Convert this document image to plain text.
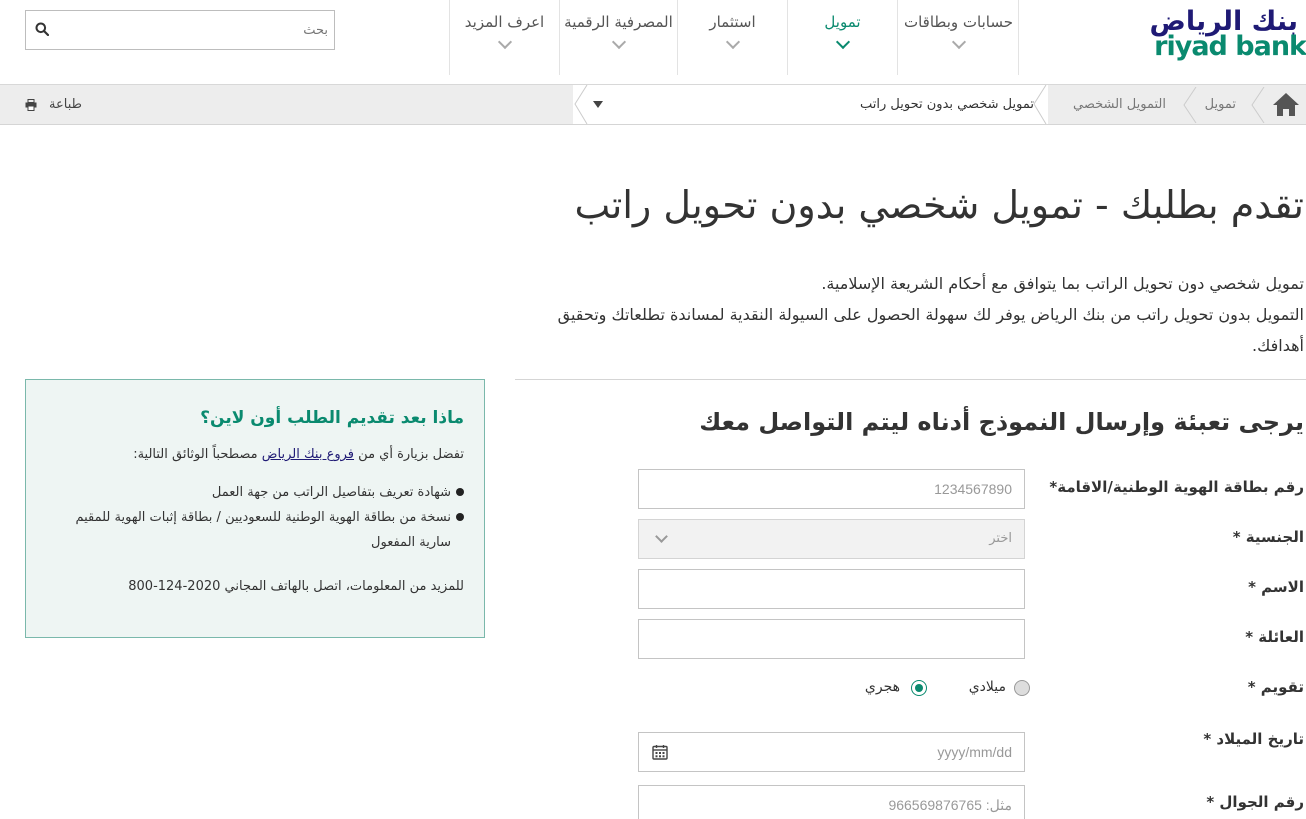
بنك الرياض
riyad bank
حسابات وبطاقات
تمويل
استثمار
المصرفية الرقمية
اعرف المزيد
بحث
تمويل
التمويل الشخصي
تمويل شخصي بدون تحويل راتب
طباعة
تقدم بطلبك - تمويل شخصي بدون تحويل راتب
تمويل شخصي دون تحويل الراتب بما يتوافق مع أحكام الشريعة الإسلامية.
التمويل بدون تحويل راتب من بنك الرياض يوفر لك سهولة الحصول على السيولة النقدية لمساندة تطلعاتك وتحقيق أهدافك.
يرجى تعبئة وإرسال النموذج أدناه ليتم التواصل معك
رقم بطاقة الهوية الوطنية/الاقامة*
1234567890
الجنسية *
اختر
الاسم *
العائلة *
تقويم *
ميلادي
هجري
تاريخ الميلاد *
yyyy/mm/dd
رقم الجوال *
مثل: 966569876765
ماذا بعد تقديم الطلب أون لاين؟
تفضل بزيارة أي من فروع بنك الرياض مصطحباً الوثائق التالية:
شهادة تعريف بتفاصيل الراتب من جهة العمل
نسخة من بطاقة الهوية الوطنية للسعوديين / بطاقة إثبات الهوية للمقيم سارية المفعول
للمزيد من المعلومات، اتصل بالهاتف المجاني 2020-124-800
